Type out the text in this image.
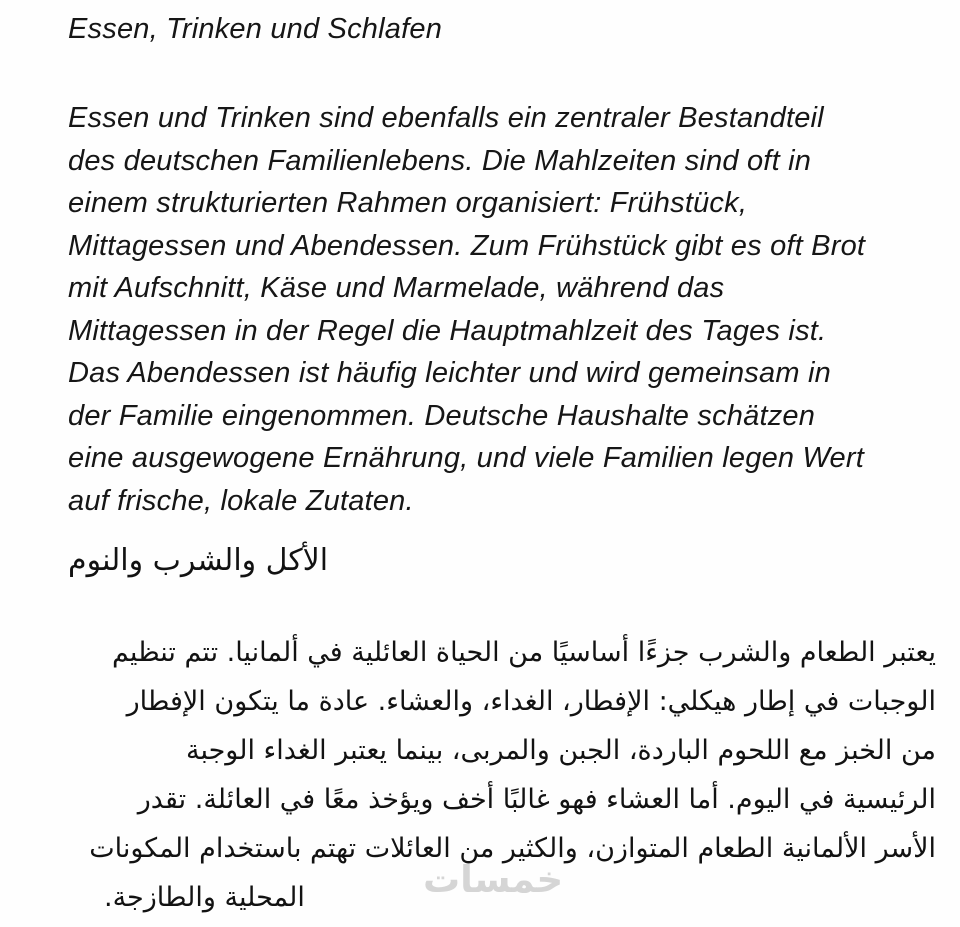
Essen, Trinken und Schlafen
Essen und Trinken sind ebenfalls ein zentraler Bestandteil
des deutschen Familienlebens. Die Mahlzeiten sind oft in
einem strukturierten Rahmen organisiert: Frühstück,
Mittagessen und Abendessen. Zum Frühstück gibt es oft Brot
mit Aufschnitt, Käse und Marmelade, während das
Mittagessen in der Regel die Hauptmahlzeit des Tages ist.
Das Abendessen ist häufig leichter und wird gemeinsam in
der Familie eingenommen. Deutsche Haushalte schätzen
eine ausgewogene Ernährung, und viele Familien legen Wert
auf frische, lokale Zutaten.
الأكل والشرب والنوم
يعتبر الطعام والشرب جزءًا أساسيًا من الحياة العائلية في ألمانيا. تتم تنظيم
الوجبات في إطار هيكلي: الإفطار، الغداء، والعشاء. عادة ما يتكون الإفطار
من الخبز مع اللحوم الباردة، الجبن والمربى، بينما يعتبر الغداء الوجبة
الرئيسية في اليوم. أما العشاء فهو غالبًا أخف ويؤخذ معًا في العائلة. تقدر
الأسر الألمانية الطعام المتوازن، والكثير من العائلات تهتم باستخدام المكونات
المحلية والطازجة.	خمسات
